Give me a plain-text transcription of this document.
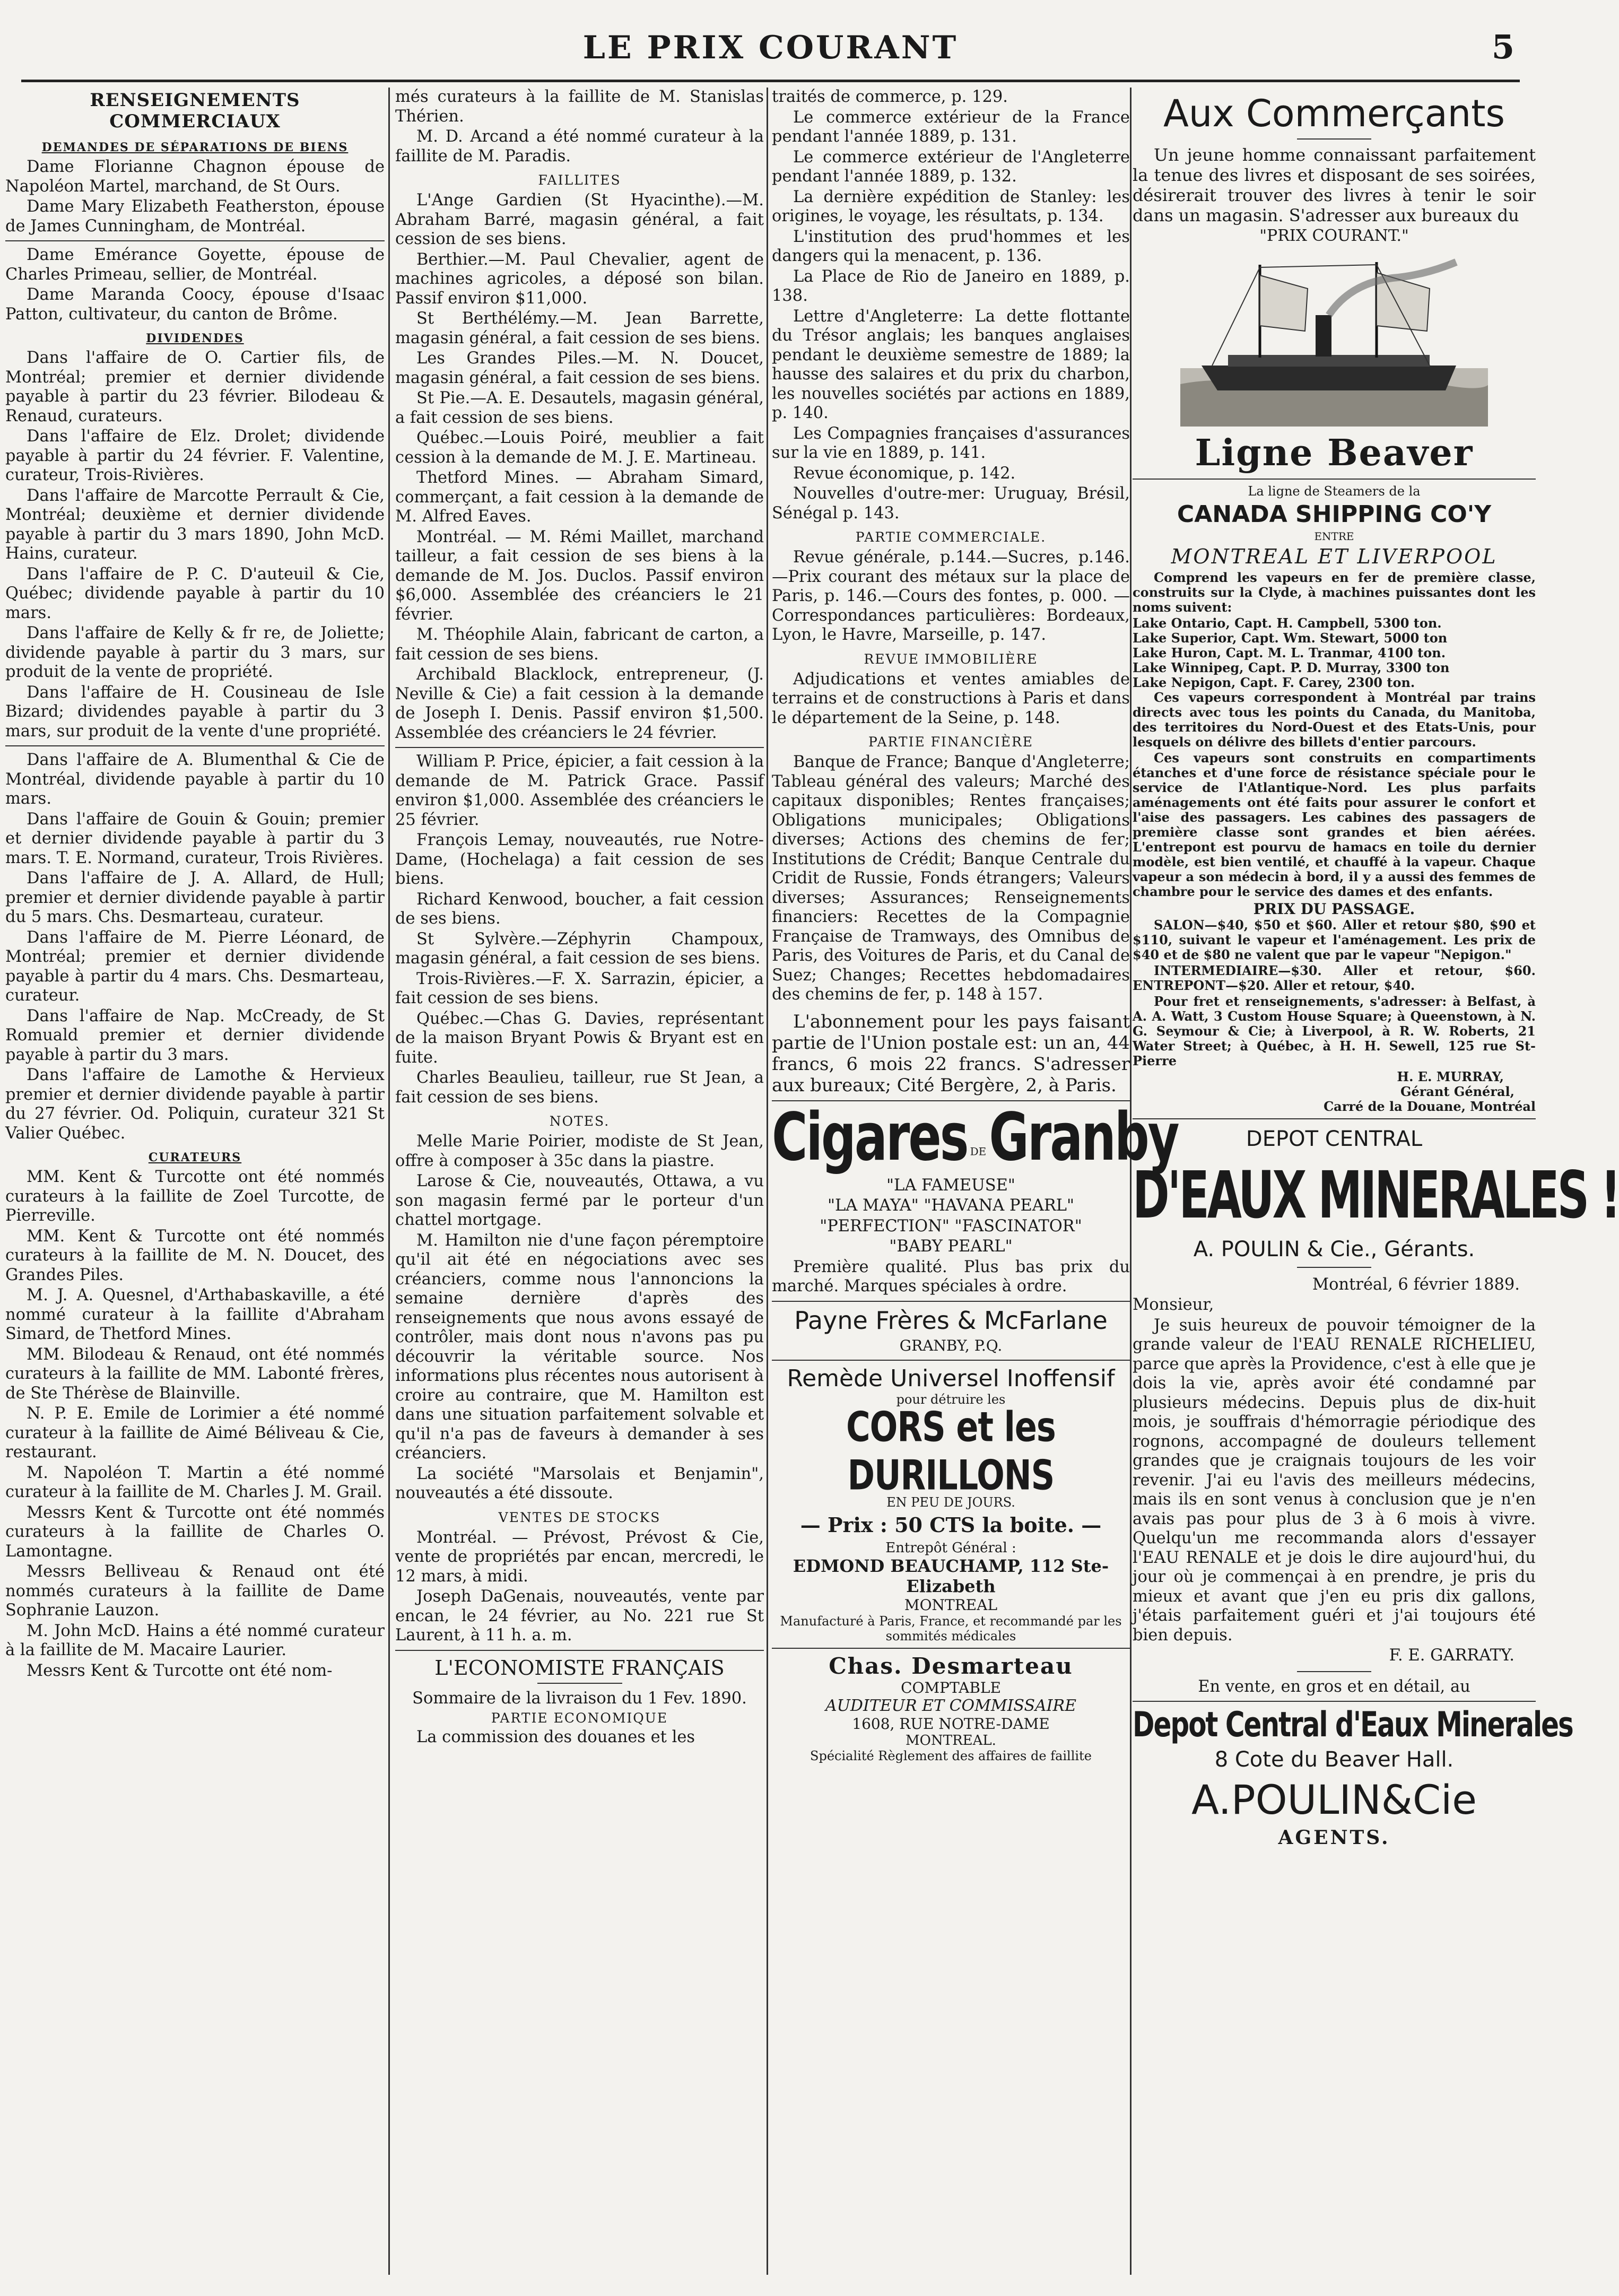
LE PRIX COURANT	5
RENSEIGNEMENTS COMMERCIAUX
DEMANDES DE SÉPARATIONS DE BIENS

Dame Florianne Chagnon épouse de Napoléon Martel, marchand, de St Ours.

Dame Mary Elizabeth Featherston, épouse de James Cunningham, de Montréal.

Dame Emérance Goyette, épouse de Charles Primeau, sellier, de Montréal.

Dame Maranda Coocy, épouse d'Isaac Patton, cultivateur, du canton de Brôme.

DIVIDENDES

Dans l'affaire de O. Cartier fils, de Montréal; premier et dernier dividende payable à partir du 23 février. Bilodeau & Renaud, curateurs.

Dans l'affaire de Elz. Drolet; dividende payable à partir du 24 février. F. Valentine, curateur, Trois-Rivières.

Dans l'affaire de Marcotte Perrault & Cie, Montréal; deuxième et dernier dividende payable à partir du 3 mars 1890, John McD. Hains, curateur.

Dans l'affaire de P. C. D'auteuil & Cie, Québec; dividende payable à partir du 10 mars.

Dans l'affaire de Kelly & fr re, de Joliette; dividende payable à partir du 3 mars, sur produit de la vente de propriété.

Dans l'affaire de H. Cousineau de Isle Bizard; dividendes payable à partir du 3 mars, sur produit de la vente d'une propriété.

Dans l'affaire de A. Blumenthal & Cie de Montréal, dividende payable à partir du 10 mars.

Dans l'affaire de Gouin & Gouin; premier et dernier dividende payable à partir du 3 mars. T. E. Normand, curateur, Trois Rivières.

Dans l'affaire de J. A. Allard, de Hull; premier et dernier dividende payable à partir du 5 mars. Chs. Desmarteau, curateur.

Dans l'affaire de M. Pierre Léonard, de Montréal; premier et dernier dividende payable à partir du 4 mars. Chs. Desmarteau, curateur.

Dans l'affaire de Nap. McCready, de St Romuald premier et dernier dividende payable à partir du 3 mars.

Dans l'affaire de Lamothe & Hervieux premier et dernier dividende payable à partir du 27 février. Od. Poliquin, curateur 321 St Valier Québec.

CURATEURS

MM. Kent & Turcotte ont été nommés curateurs à la faillite de Zoel Turcotte, de Pierreville.

MM. Kent & Turcotte ont été nommés curateurs à la faillite de M. N. Doucet, des Grandes Piles.

M. J. A. Quesnel, d'Arthabaskaville, a été nommé curateur à la faillite d'Abraham Simard, de Thetford Mines.

MM. Bilodeau & Renaud, ont été nommés curateurs à la faillite de MM. Labonté frères, de Ste Thérèse de Blainville.

N. P. E. Emile de Lorimier a été nommé curateur à la faillite de Aimé Béliveau & Cie, restaurant.

M. Napoléon T. Martin a été nommé curateur à la faillite de M. Charles J. M. Grail.

Messrs Kent & Turcotte ont été nommés curateurs à la faillite de Charles O. Lamontagne.

Messrs Belliveau & Renaud ont été nommés curateurs à la faillite de Dame Sophranie Lauzon.

M. John McD. Hains a été nommé curateur à la faillite de M. Macaire Laurier.

Messrs Kent & Turcotte ont été nom-

més curateurs à la faillite de M. Stanislas Thérien.

M. D. Arcand a été nommé curateur à la faillite de M. Paradis.

FAILLITES

L'Ange Gardien (St Hyacinthe).—M. Abraham Barré, magasin général, a fait cession de ses biens.

Berthier.—M. Paul Chevalier, agent de machines agricoles, a déposé son bilan. Passif environ $11,000.

St Berthélémy.—M. Jean Barrette, magasin général, a fait cession de ses biens.

Les Grandes Piles.—M. N. Doucet, magasin général, a fait cession de ses biens.

St Pie.—A. E. Desautels, magasin général, a fait cession de ses biens.

Québec.—Louis Poiré, meublier a fait cession à la demande de M. J. E. Martineau.

Thetford Mines. — Abraham Simard, commerçant, a fait cession à la demande de M. Alfred Eaves.

Montréal. — M. Rémi Maillet, marchand tailleur, a fait cession de ses biens à la demande de M. Jos. Duclos. Passif environ $6,000. Assemblée des créanciers le 21 février.

M. Théophile Alain, fabricant de carton, a fait cession de ses biens.

Archibald Blacklock, entrepreneur, (J. Neville & Cie) a fait cession à la demande de Joseph I. Denis. Passif environ $1,500. Assemblée des créanciers le 24 février.

William P. Price, épicier, a fait cession à la demande de M. Patrick Grace. Passif environ $1,000. Assemblée des créanciers le 25 février.

François Lemay, nouveautés, rue Notre-Dame, (Hochelaga) a fait cession de ses biens.

Richard Kenwood, boucher, a fait cession de ses biens.

St Sylvère.—Zéphyrin Champoux, magasin général, a fait cession de ses biens.

Trois-Rivières.—F. X. Sarrazin, épicier, a fait cession de ses biens.

Québec.—Chas G. Davies, représentant de la maison Bryant Powis & Bryant est en fuite.

Charles Beaulieu, tailleur, rue St Jean, a fait cession de ses biens.

NOTES.

Melle Marie Poirier, modiste de St Jean, offre à composer à 35c dans la piastre.

Larose & Cie, nouveautés, Ottawa, a vu son magasin fermé par le porteur d'un chattel mortgage.

M. Hamilton nie d'une façon péremptoire qu'il ait été en négociations avec ses créanciers, comme nous l'annoncions la semaine dernière d'après des renseignements que nous avons essayé de contrôler, mais dont nous n'avons pas pu découvrir la véritable source. Nos informations plus récentes nous autorisent à croire au contraire, que M. Hamilton est dans une situation parfaitement solvable et qu'il n'a pas de faveurs à demander à ses créanciers.

La société "Marsolais et Benjamin", nouveautés a été dissoute.

VENTES DE STOCKS

Montréal. — Prévost, Prévost & Cie, vente de propriétés par encan, mercredi, le 12 mars, à midi.

Joseph DaGenais, nouveautés, vente par encan, le 24 février, au No. 221 rue St Laurent, à 11 h. a. m.

L'ECONOMISTE FRANÇAIS

Sommaire de la livraison du 1 Fev. 1890.

PARTIE ECONOMIQUE

La commission des douanes et les

traités de commerce, p. 129.

Le commerce extérieur de la France pendant l'année 1889, p. 131.

Le commerce extérieur de l'Angleterre pendant l'année 1889, p. 132.

La dernière expédition de Stanley: les origines, le voyage, les résultats, p. 134.

L'institution des prud'hommes et les dangers qui la menacent, p. 136.

La Place de Rio de Janeiro en 1889, p. 138.

Lettre d'Angleterre: La dette flottante du Trésor anglais; les banques anglaises pendant le deuxième semestre de 1889; la hausse des salaires et du prix du charbon, les nouvelles sociétés par actions en 1889, p. 140.

Les Compagnies françaises d'assurances sur la vie en 1889, p. 141.

Revue économique, p. 142.

Nouvelles d'outre-mer: Uruguay, Brésil, Sénégal p. 143.

PARTIE COMMERCIALE.

Revue générale, p.144.—Sucres, p.146.—Prix courant des métaux sur la place de Paris, p. 146.—Cours des fontes, p. 000. —Correspondances particulières: Bordeaux, Lyon, le Havre, Marseille, p. 147.

REVUE IMMOBILIÈRE

Adjudications et ventes amiables de terrains et de constructions à Paris et dans le département de la Seine, p. 148.

PARTIE FINANCIÈRE

Banque de France; Banque d'Angleterre; Tableau général des valeurs; Marché des capitaux disponibles; Rentes françaises; Obligations municipales; Obligations diverses; Actions des chemins de fer; Institutions de Crédit; Banque Centrale du Cridit de Russie, Fonds étrangers; Valeurs diverses; Assurances; Renseignements financiers: Recettes de la Compagnie Française de Tramways, des Omnibus de Paris, des Voitures de Paris, et du Canal de Suez; Changes; Recettes hebdomadaires des chemins de fer, p. 148 à 157.

L'abonnement pour les pays faisant partie de l'Union postale est: un an, 44 francs, 6 mois 22 francs. S'adresser aux bureaux; Cité Bergère, 2, à Paris.

Cigares DE Granby

"LA FAMEUSE"

"LA MAYA" "HAVANA PEARL"

"PERFECTION" "FASCINATOR"

"BABY PEARL"

Première qualité. Plus bas prix du marché. Marques spéciales à ordre.

Payne Frères & McFarlane
GRANBY, P.Q.
Remède Universel Inoffensif
pour détruire les
CORS et les DURILLONS
EN PEU DE JOURS.
— Prix : 50 CTS la boite. —
Entrepôt Général :
EDMOND BEAUCHAMP, 112 Ste-Elizabeth
MONTREAL
Manufacturé à Paris, France, et recommandé par les sommités médicales
Chas. Desmarteau
COMPTABLE
AUDITEUR ET COMMISSAIRE
1608, RUE NOTRE-DAME
MONTREAL.
Spécialité Règlement des affaires de faillite
Aux Commerçants

Un jeune homme connaissant parfaitement la tenue des livres et disposant de ses soirées, désirerait trouver des livres à tenir le soir dans un magasin. S'adresser aux bureaux du

"PRIX COURANT."

Ligne Beaver
La ligne de Steamers de la
CANADA SHIPPING CO'Y
ENTRE
MONTREAL ET LIVERPOOL

Comprend les vapeurs en fer de première classe, construits sur la Clyde, à machines puissantes dont les noms suivent:

Lake Ontario, Capt. H. Campbell, 5300 ton.
Lake Superior, Capt. Wm. Stewart, 5000 ton
Lake Huron, Capt. M. L. Tranmar, 4100 ton.
Lake Winnipeg, Capt. P. D. Murray, 3300 ton
Lake Nepigon, Capt. F. Carey, 2300 ton.

Ces vapeurs correspondent à Montréal par trains directs avec tous les points du Canada, du Manitoba, des territoires du Nord-Ouest et des Etats-Unis, pour lesquels on délivre des billets d'entier parcours.

Ces vapeurs sont construits en compartiments étanches et d'une force de résistance spéciale pour le service de l'Atlantique-Nord. Les plus parfaits aménagements ont été faits pour assurer le confort et l'aise des passagers. Les cabines des passagers de première classe sont grandes et bien aérées. L'entrepont est pourvu de hamacs en toile du dernier modèle, est bien ventilé, et chauffé à la vapeur. Chaque vapeur a son médecin à bord, il y a aussi des femmes de chambre pour le service des dames et des enfants.

PRIX DU PASSAGE.

SALON—$40, $50 et $60. Aller et retour $80, $90 et $110, suivant le vapeur et l'aménagement. Les prix de $40 et de $80 ne valent que par le vapeur "Nepigon."

INTERMEDIAIRE—$30. Aller et retour, $60. ENTREPONT—$20. Aller et retour, $40.

Pour fret et renseignements, s'adresser: à Belfast, à A. A. Watt, 3 Custom House Square; à Queenstown, à N. G. Seymour & Cie; à Liverpool, à R. W. Roberts, 21 Water Street; à Québec, à H. H. Sewell, 125 rue St-Pierre

H. E. MURRAY,
Gérant Général,
Carré de la Douane, Montréal
DEPOT CENTRAL
D'EAUX MINERALES !
A. POULIN & Cie., Gérants.

Montréal, 6 février 1889.

Monsieur,

Je suis heureux de pouvoir témoigner de la grande valeur de l'EAU RENALE RICHELIEU, parce que après la Providence, c'est à elle que je dois la vie, après avoir été condamné par plusieurs médecins. Depuis plus de dix-huit mois, je souffrais d'hémorragie périodique des rognons, accompagné de douleurs tellement grandes que je craignais toujours de les voir revenir. J'ai eu l'avis des meilleurs médecins, mais ils en sont venus à conclusion que je n'en avais pas pour plus de 3 à 6 mois à vivre. Quelqu'un me recommanda alors d'essayer l'EAU RENALE et je dois le dire aujourd'hui, du jour où je commençai à en prendre, je pris du mieux et avant que j'en eu pris dix gallons, j'étais parfaitement guéri et j'ai toujours été bien depuis.

F. E. GARRATY.

En vente, en gros et en détail, au

Depot Central d'Eaux Minerales
8 Cote du Beaver Hall.
A.POULIN&Cie
AGENTS.
